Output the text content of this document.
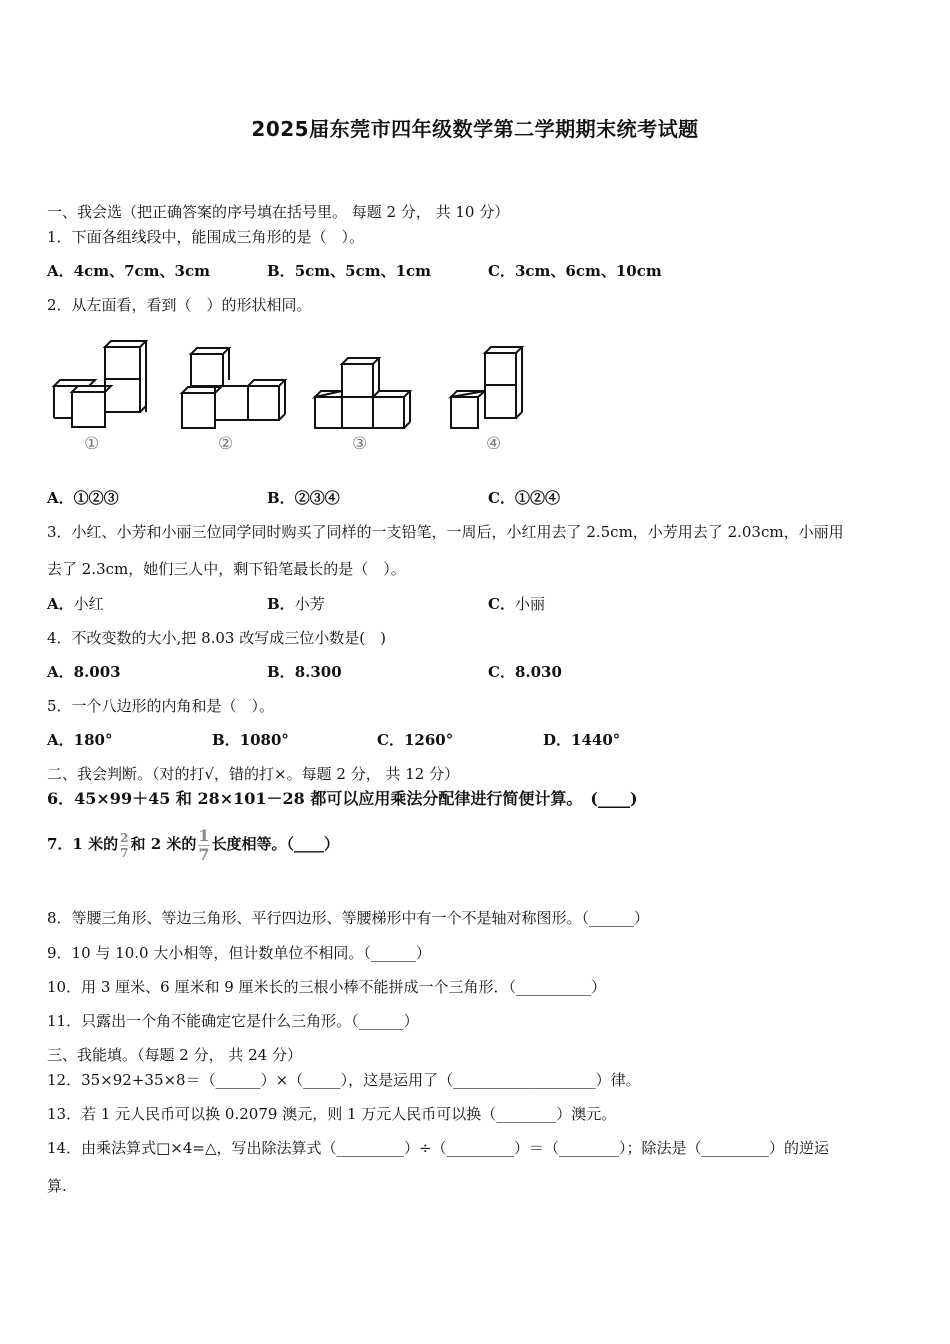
2025届东莞市四年级数学第二学期期末统考试题
一、我会选（把正确答案的序号填在括号里。 每题 2 分， 共 10 分）
1．下面各组线段中，能围成三角形的是（　）。
A．4cm、7cm、3cm	B．5cm、5cm、1cm	C．3cm、6cm、10cm
2．从左面看，看到（　）的形状相同。
①	②	③	④
A．①②③	B．②③④	C．①②④
3．小红、小芳和小丽三位同学同时购买了同样的一支铅笔，一周后，小红用去了 2.5cm，小芳用去了 2.03cm，小丽用
去了 2.3cm，她们三人中，剩下铅笔最长的是（　）。
A．小红	B．小芳	C．小丽
4．不改变数的大小,把 8.03 改写成三位小数是(　)
A．8.003	B．8.300	C．8.030
5．一个八边形的内角和是（　）。
A．180°	B．1080°	C．1260°	D．1440°
二、我会判断。（对的打√，错的打×。每题 2 分， 共 12 分）
6．45×99＋45 和 28×101－28 都可以应用乘法分配律进行简便计算。　(____)
7．1 米的 $\frac{2}{7}$ 和 2 米的 $\frac{1}{7}$ 长度相等。（____）
8．等腰三角形、等边三角形、平行四边形、等腰梯形中有一个不是轴对称图形。（______）
9．10 与 10.0 大小相等，但计数单位不相同。（______）
10．用 3 厘米、6 厘米和 9 厘米长的三根小棒不能拼成一个三角形．（__________）
11．只露出一个角不能确定它是什么三角形。（______）
三、我能填。（每题 2 分， 共 24 分）
12．35×92+35×8＝（______）×（_____），这是运用了（___________________）律。
13．若 1 元人民币可以换 0.2079 澳元，则 1 万元人民币可以换（________）澳元。
14．由乘法算式□×4=△，写出除法算式（_________）÷（_________）＝（________）；除法是（_________）的逆运
算.
